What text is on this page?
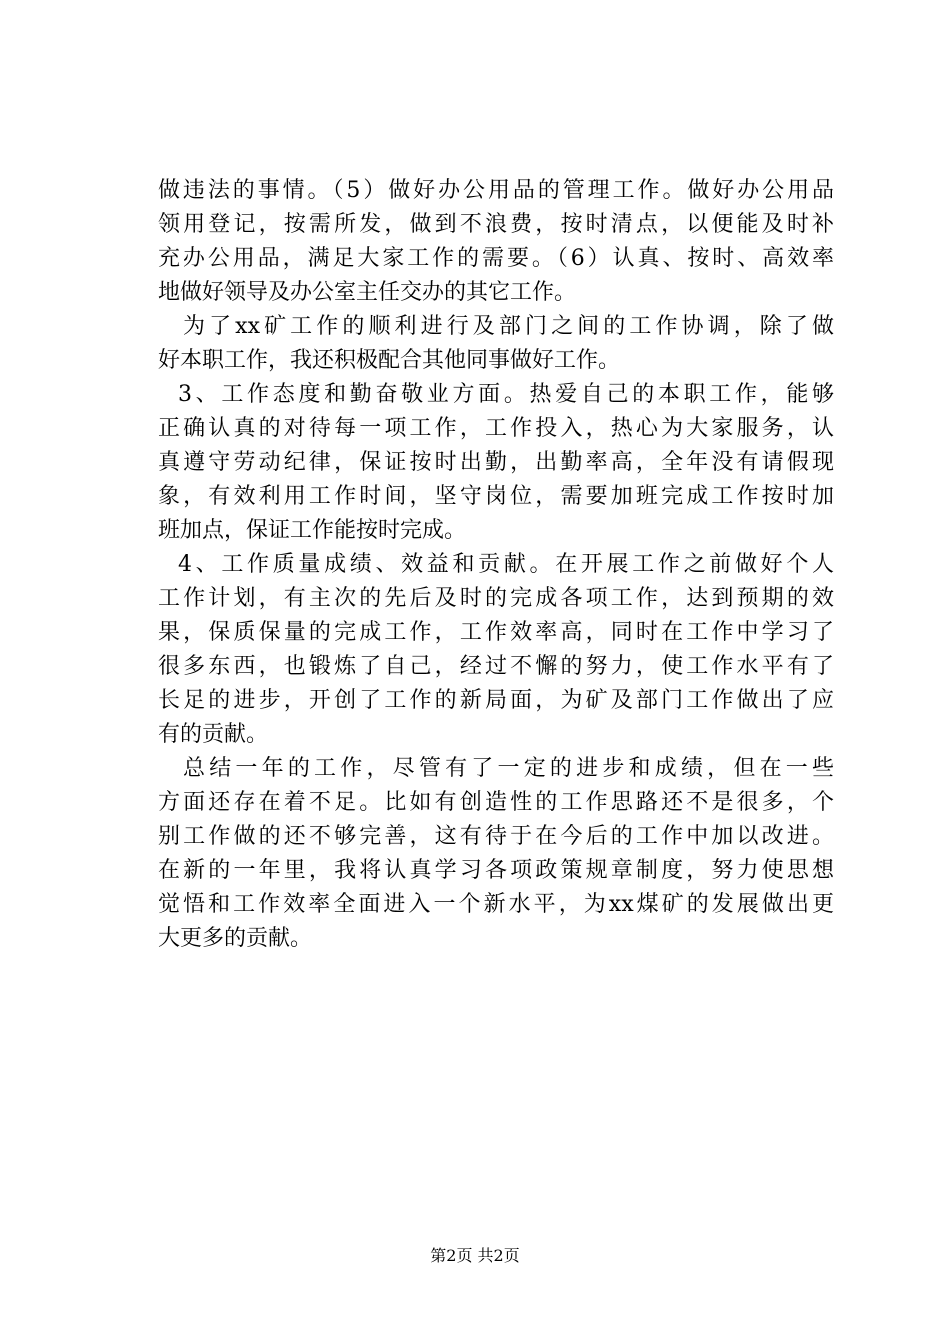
做违法的事情。（5）做好办公用品的管理工作。做好办公用品
领用登记，按需所发，做到不浪费，按时清点，以便能及时补
充办公用品，满足大家工作的需要。（6）认真、按时、高效率
地做好领导及办公室主任交办的其它工作。
为了xx矿工作的顺利进行及部门之间的工作协调，除了做
好本职工作，我还积极配合其他同事做好工作。
3、工作态度和勤奋敬业方面。热爱自己的本职工作，能够
正确认真的对待每一项工作，工作投入，热心为大家服务，认
真遵守劳动纪律，保证按时出勤，出勤率高，全年没有请假现
象，有效利用工作时间，坚守岗位，需要加班完成工作按时加
班加点，保证工作能按时完成。
4、工作质量成绩、效益和贡献。在开展工作之前做好个人
工作计划，有主次的先后及时的完成各项工作，达到预期的效
果，保质保量的完成工作，工作效率高，同时在工作中学习了
很多东西，也锻炼了自己，经过不懈的努力，使工作水平有了
长足的进步，开创了工作的新局面，为矿及部门工作做出了应
有的贡献。
总结一年的工作，尽管有了一定的进步和成绩，但在一些
方面还存在着不足。比如有创造性的工作思路还不是很多，个
别工作做的还不够完善，这有待于在今后的工作中加以改进。
在新的一年里，我将认真学习各项政策规章制度，努力使思想
觉悟和工作效率全面进入一个新水平，为xx煤矿的发展做出更
大更多的贡献。
第2页 共2页
